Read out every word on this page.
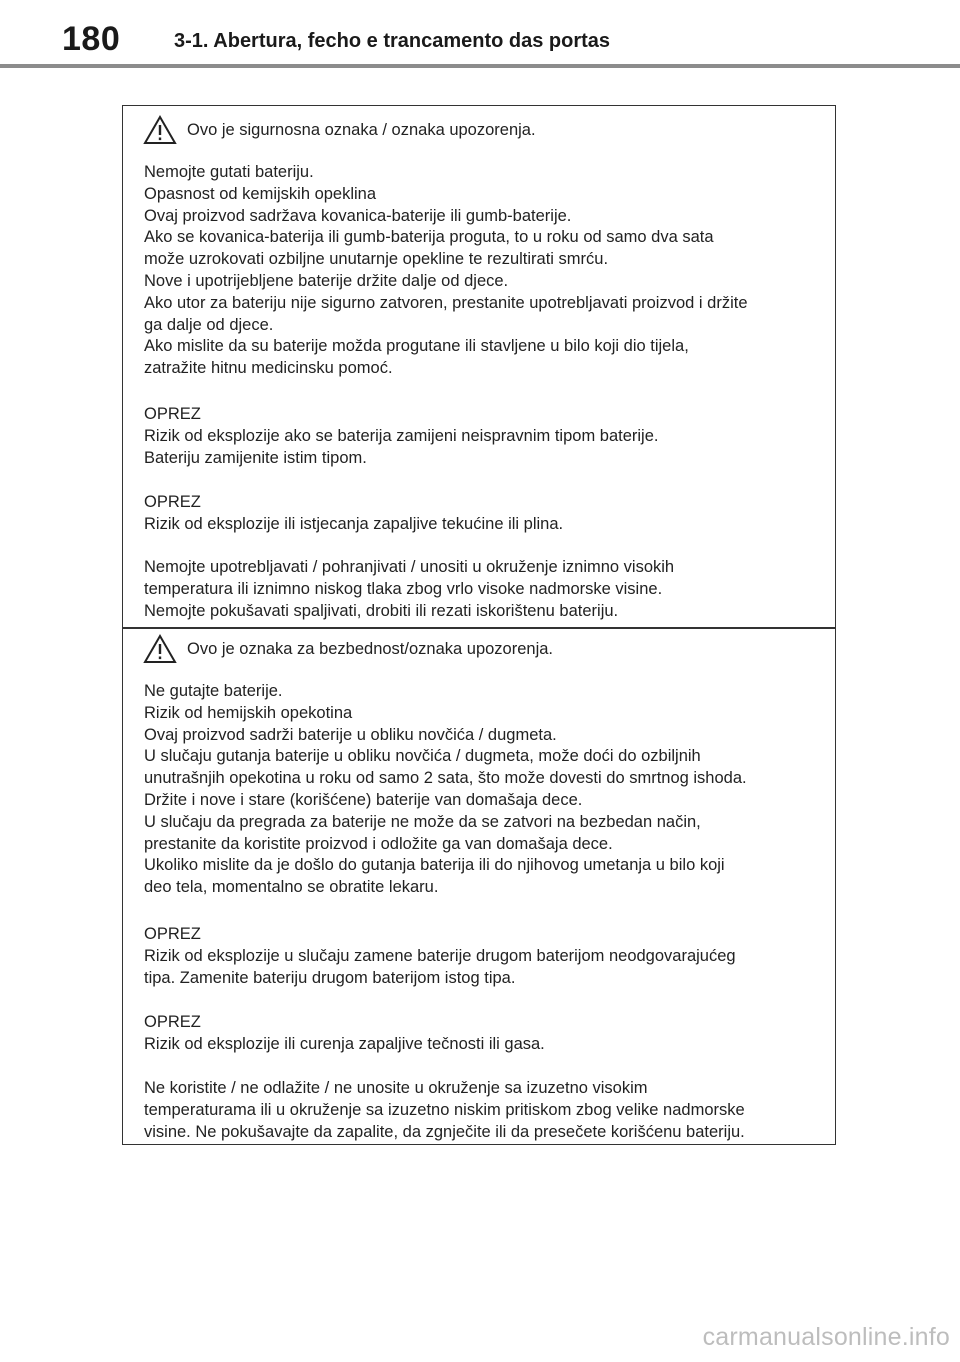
180	3-1. Abertura, fecho e trancamento das portas
Ovo je sigurnosna oznaka / oznaka upozorenja.
Nemojte gutati bateriju.
Opasnost od kemijskih opeklina
Ovaj proizvod sadržava kovanica-baterije ili gumb-baterije.
Ako se kovanica-baterija ili gumb-baterija proguta, to u roku od samo dva sata
može uzrokovati ozbiljne unutarnje opekline te rezultirati smrću.
Nove i upotrijebljene baterije držite dalje od djece.
Ako utor za bateriju nije sigurno zatvoren, prestanite upotrebljavati proizvod i držite
ga dalje od djece.
Ako mislite da su baterije možda progutane ili stavljene u bilo koji dio tijela,
zatražite hitnu medicinsku pomoć.
OPREZ
Rizik od eksplozije ako se baterija zamijeni neispravnim tipom baterije.
Bateriju zamijenite istim tipom.
OPREZ
Rizik od eksplozije ili istjecanja zapaljive tekućine ili plina.
Nemojte upotrebljavati / pohranjivati / unositi u okruženje iznimno visokih
temperatura ili iznimno niskog tlaka zbog vrlo visoke nadmorske visine.
Nemojte pokušavati spaljivati, drobiti ili rezati iskorištenu bateriju.
Ovo je oznaka za bezbednost/oznaka upozorenja.
Ne gutajte baterije.
Rizik od hemijskih opekotina
Ovaj proizvod sadrži baterije u obliku novčića / dugmeta.
U slučaju gutanja baterije u obliku novčića / dugmeta, može doći do ozbiljnih
unutrašnjih opekotina u roku od samo 2 sata, što može dovesti do smrtnog ishoda.
Držite i nove i stare (korišćene) baterije van domašaja dece.
U slučaju da pregrada za baterije ne može da se zatvori na bezbedan način,
prestanite da koristite proizvod i odložite ga van domašaja dece.
Ukoliko mislite da je došlo do gutanja baterija ili do njihovog umetanja u bilo koji
deo tela, momentalno se obratite lekaru.
OPREZ
Rizik od eksplozije u slučaju zamene baterije drugom baterijom neodgovarajućeg
tipa. Zamenite bateriju drugom baterijom istog tipa.
OPREZ
Rizik od eksplozije ili curenja zapaljive tečnosti ili gasa.
Ne koristite / ne odlažite / ne unosite u okruženje sa izuzetno visokim
temperaturama ili u okruženje sa izuzetno niskim pritiskom zbog velike nadmorske
visine. Ne pokušavajte da zapalite, da zgnječite ili da presečete korišćenu bateriju.
carmanualsonline.info
